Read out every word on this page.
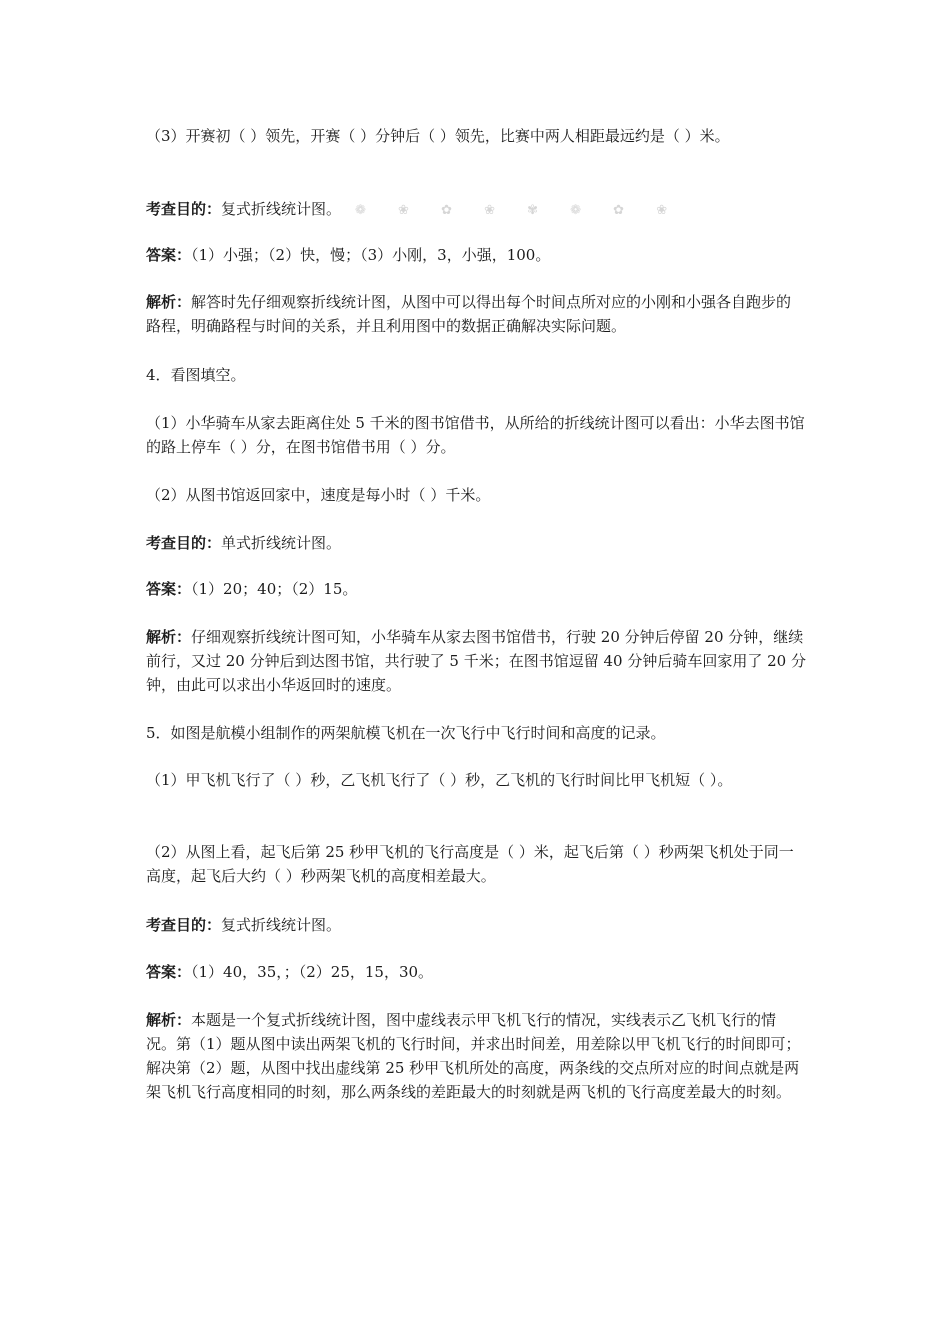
（3）开赛初（ ）领先，开赛（ ）分钟后（ ）领先，比赛中两人相距最远约是（ ）米。

考查目的：复式折线统计图。 ❁ ❀ ✿ ❀ ✾ ❁ ✿ ❀

答案：（1）小强；（2）快，慢；（3）小刚，3，小强，100。

解析：解答时先仔细观察折线统计图，从图中可以得出每个时间点所对应的小刚和小强各自跑步的路程，明确路程与时间的关系，并且利用图中的数据正确解决实际问题。

4．看图填空。

（1）小华骑车从家去距离住处 5 千米的图书馆借书，从所给的折线统计图可以看出：小华去图书馆的路上停车（ ）分，在图书馆借书用（ ）分。

（2）从图书馆返回家中，速度是每小时（ ）千米。

考查目的：单式折线统计图。

答案：（1）20；40；（2）15。

解析：仔细观察折线统计图可知，小华骑车从家去图书馆借书，行驶 20 分钟后停留 20 分钟，继续前行，又过 20 分钟后到达图书馆，共行驶了 5 千米；在图书馆逗留 40 分钟后骑车回家用了 20 分钟，由此可以求出小华返回时的速度。

5．如图是航模小组制作的两架航模飞机在一次飞行中飞行时间和高度的记录。

（1）甲飞机飞行了（ ）秒，乙飞机飞行了（ ）秒，乙飞机的飞行时间比甲飞机短（ ）。

（2）从图上看，起飞后第 25 秒甲飞机的飞行高度是（ ）米，起飞后第（ ）秒两架飞机处于同一高度，起飞后大约（ ）秒两架飞机的高度相差最大。

考查目的：复式折线统计图。

答案：（1）40，35，；（2）25，15，30。

解析：本题是一个复式折线统计图，图中虚线表示甲飞机飞行的情况，实线表示乙飞机飞行的情况。第（1）题从图中读出两架飞机的飞行时间，并求出时间差，用差除以甲飞机飞行的时间即可；解决第（2）题，从图中找出虚线第 25 秒甲飞机所处的高度，两条线的交点所对应的时间点就是两架飞机飞行高度相同的时刻，那么两条线的差距最大的时刻就是两飞机的飞行高度差最大的时刻。
